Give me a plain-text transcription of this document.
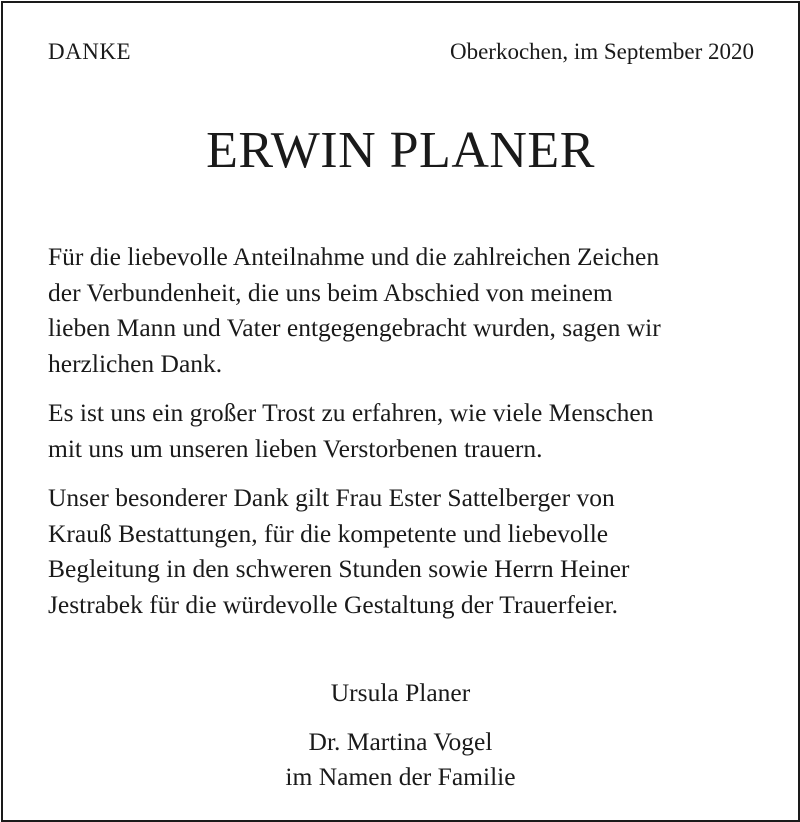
DANKE	Oberkochen, im September 2020
ERWIN PLANER

Für die liebevolle Anteilnahme und die zahlreichen Zeichen
der Verbundenheit, die uns beim Abschied von meinem
lieben Mann und Vater entgegengebracht wurden, sagen wir
herzlichen Dank.

Es ist uns ein großer Trost zu erfahren, wie viele Menschen
mit uns um unseren lieben Verstorbenen trauern.

Unser besonderer Dank gilt Frau Ester Sattelberger von
Krauß Bestattungen, für die kompetente und liebevolle
Begleitung in den schweren Stunden sowie Herrn Heiner
Jestrabek für die würdevolle Gestaltung der Trauerfeier.

Ursula Planer
Dr. Martina Vogel
im Namen der Familie
